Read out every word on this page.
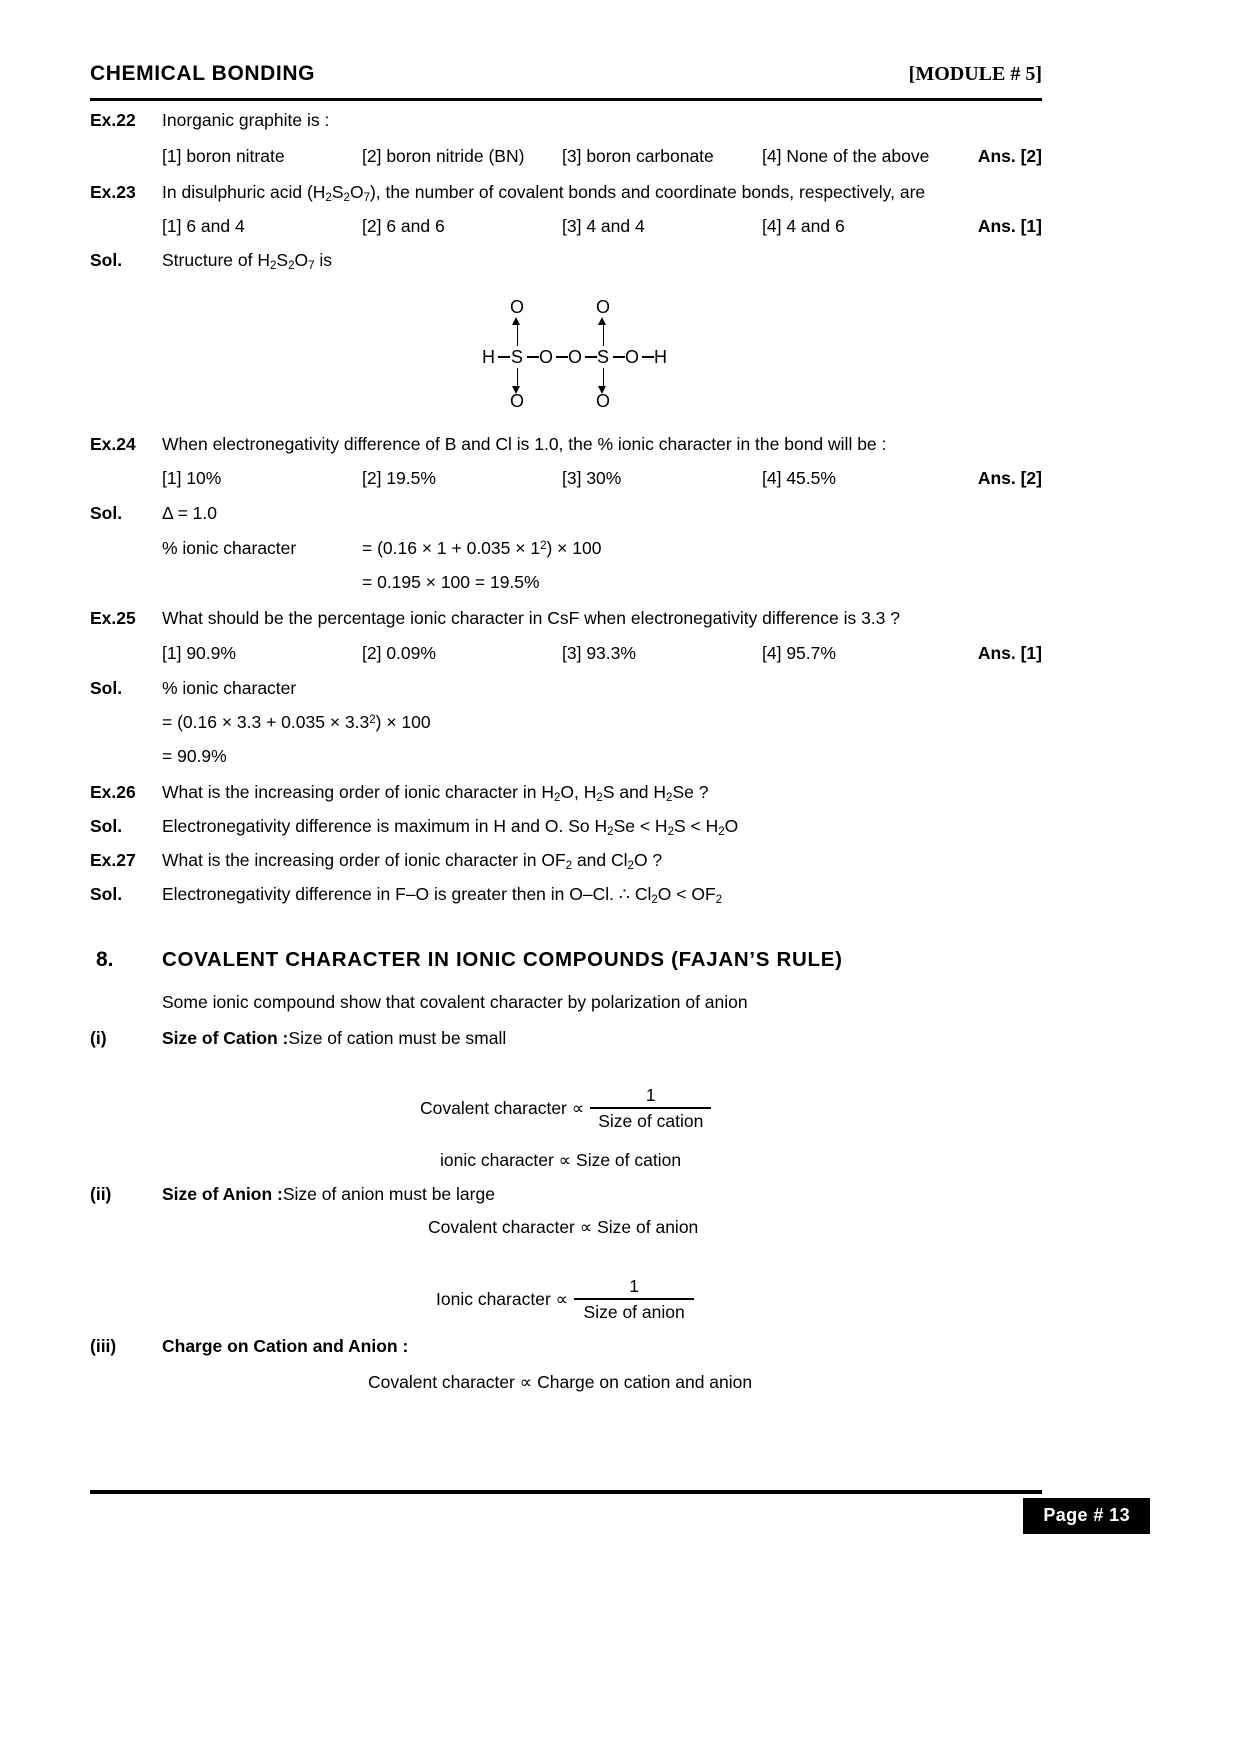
CHEMICAL BONDING	[MODULE # 5]
Ex.22	Inorganic graphite is :
[1] boron nitrate	[2] boron nitride (BN)	[3] boron carbonate	[4] None of the above	Ans. [2]
Ex.23	In disulphuric acid $(H_2S_2O_7)$, the number of covalent bonds and coordinate bonds, respectively, are
[1] 6 and 4	[2] 6 and 6	[3] 4 and 4	[4] 4 and 6	Ans. [1]
Sol.	Structure of $H_2S_2O_7$ is
O
H S O O S O H
O
O
O
Ex.24	When electronegativity difference of B and Cl is 1.0, the % ionic character in the bond will be :
[1] 10%	[2] 19.5%	[3] 30%	[4] 45.5%	Ans. [2]
Sol.	Δ = 1.0
% ionic character	= $(0.16 \times 1 + 0.035 \times 1^2) \times 100$
= 0.195 × 100 = 19.5%
Ex.25	What should be the percentage ionic character in CsF when electronegativity difference is 3.3 ?
[1] 90.9%	[2] 0.09%	[3] 93.3%	[4] 95.7%	Ans. [1]
Sol.	% ionic character
= $(0.16 \times 3.3 + 0.035 \times 3.3^2) \times 100$
= 90.9%
Ex.26	What is the increasing order of ionic character in $H_2O$, $H_2S$ and $H_2Se$ ?
Sol.	Electronegativity difference is maximum in H and O. So $H_2Se < H_2S < H_2O$
Ex.27	What is the increasing order of ionic character in $OF_2$ and $Cl_2O$ ?
Sol.	Electronegativity difference in F–O is greater then in O–Cl. ∴ $Cl_2O < OF_2$
8.	COVALENT CHARACTER IN IONIC COMPOUNDS (FAJAN’S RULE)
Some ionic compound show that covalent character by polarization of anion
(i)	Size of Cation : Size of cation must be small
Covalent character ∝ $\frac{1}{\text{Size of cation}}$
ionic character ∝ Size of cation
(ii)	Size of Anion : Size of anion must be large
Covalent character ∝ Size of anion
Ionic character ∝ $\frac{1}{\text{Size of anion}}$
(iii)	Charge on Cation and Anion :
Covalent character ∝ Charge on cation and anion
Page # 13
